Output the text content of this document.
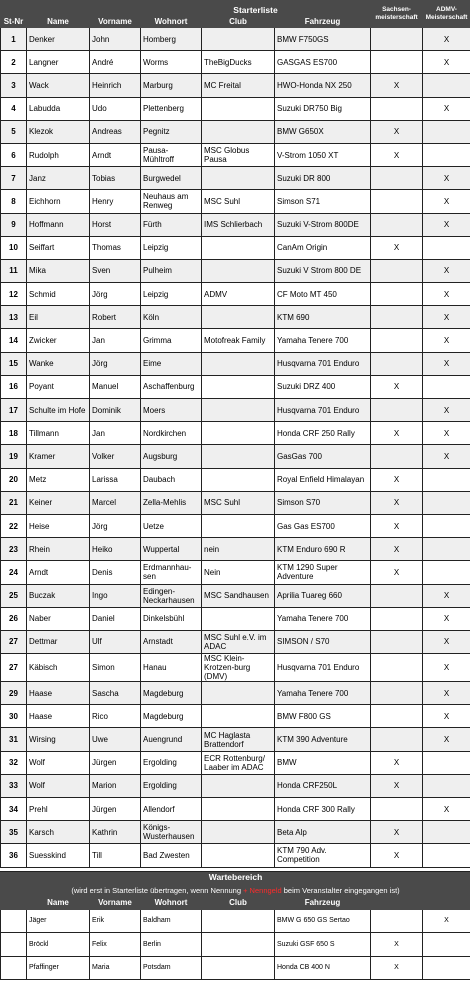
			Starterliste			Sachsen-meisterschaft	ADMV-Meisterschaft
St-Nr	Name	Vorname	Wohnort	Club	Fahrzeug		
1	Denker	John	Homberg		BMW F750GS		X
2	Langner	André	Worms	TheBigDucks	GASGAS ES700		X
3	Wack	Heinrich	Marburg	MC Freital	HWO-Honda NX 250	X	
4	Labudda	Udo	Plettenberg		Suzuki DR750 Big		X
5	Klezok	Andreas	Pegnitz		BMW G650X	X	
6	Rudolph	Arndt	Pausa-Mühltroff	MSC Globus Pausa	V-Strom 1050 XT	X	
7	Janz	Tobias	Burgwedel		Suzuki DR 800		X
8	Eichhorn	Henry	Neuhaus am Renweg	MSC Suhl	Simson S71		X
9	Hoffmann	Horst	Fürth	IMS Schlierbach	Suzuki V-Strom 800DE		X
10	Seiffart	Thomas	Leipzig		CanAm Origin	X	
11	Mika	Sven	Pulheim		Suzuki V Strom 800 DE		X
12	Schmid	Jörg	Leipzig	ADMV	CF Moto MT 450		X
13	Eil	Robert	Köln		KTM 690		X
14	Zwicker	Jan	Grimma	Motofreak Family	Yamaha Tenere 700		X
15	Wanke	Jörg	Eime		Husqvarna 701 Enduro		X
16	Poyant	Manuel	Aschaffenburg		Suzuki DRZ 400	X	
17	Schulte im Hofe	Dominik	Moers		Husqvarna 701 Enduro		X
18	Tillmann	Jan	Nordkirchen		Honda CRF 250 Rally	X	X
19	Kramer	Volker	Augsburg		GasGas 700		X
20	Metz	Larissa	Daubach		Royal Enfield Himalayan	X	
21	Keiner	Marcel	Zella-Mehlis	MSC Suhl	Simson S70	X	
22	Heise	Jörg	Uetze		Gas Gas ES700	X	
23	Rhein	Heiko	Wuppertal	nein	KTM Enduro 690 R	X	
24	Arndt	Denis	Erdmannhau-sen	Nein	KTM 1290 Super Adventure	X	
25	Buczak	Ingo	Edingen-Neckarhausen	MSC Sandhausen	Aprilia Tuareg 660		X
26	Naber	Daniel	Dinkelsbühl		Yamaha Tenere 700		X
27	Dettmar	Ulf	Arnstadt	MSC Suhl e.V. im ADAC	SIMSON / S70		X
27	Käbisch	Simon	Hanau	MSC Klein-Krotzen-burg (DMV)	Husqvarna 701 Enduro		X
29	Haase	Sascha	Magdeburg		Yamaha Tenere 700		X
30	Haase	Rico	Magdeburg		BMW F800 GS		X
31	Wirsing	Uwe	Auengrund	MC Haglasta Brattendorf	KTM 390 Adventure		X
32	Wolf	Jürgen	Ergolding	ECR Rottenburg/ Laaber im ADAC	BMW	X	
33	Wolf	Marion	Ergolding		Honda CRF250L	X	
34	Prehl	Jürgen	Allendorf		Honda CRF 300 Rally		X
35	Karsch	Kathrin	Königs-Wusterhausen		Beta Alp	X	
36	Suesskind	Till	Bad Zwesten		KTM 790 Adv. Competition	X	

Wartebereich							
(wird erst in Starterliste übertragen, wenn Nennung + Nenngeld beim Veranstalter eingegangen ist)							
	Name	Vorname	Wohnort	Club	Fahrzeug		
	Jäger	Erik	Baldham		BMW G 650 GS Sertao		X
	Bröckl	Felix	Berlin		Suzuki GSF 650 S	X	
	Pfaffinger	Maria	Potsdam		Honda CB 400 N	X	
